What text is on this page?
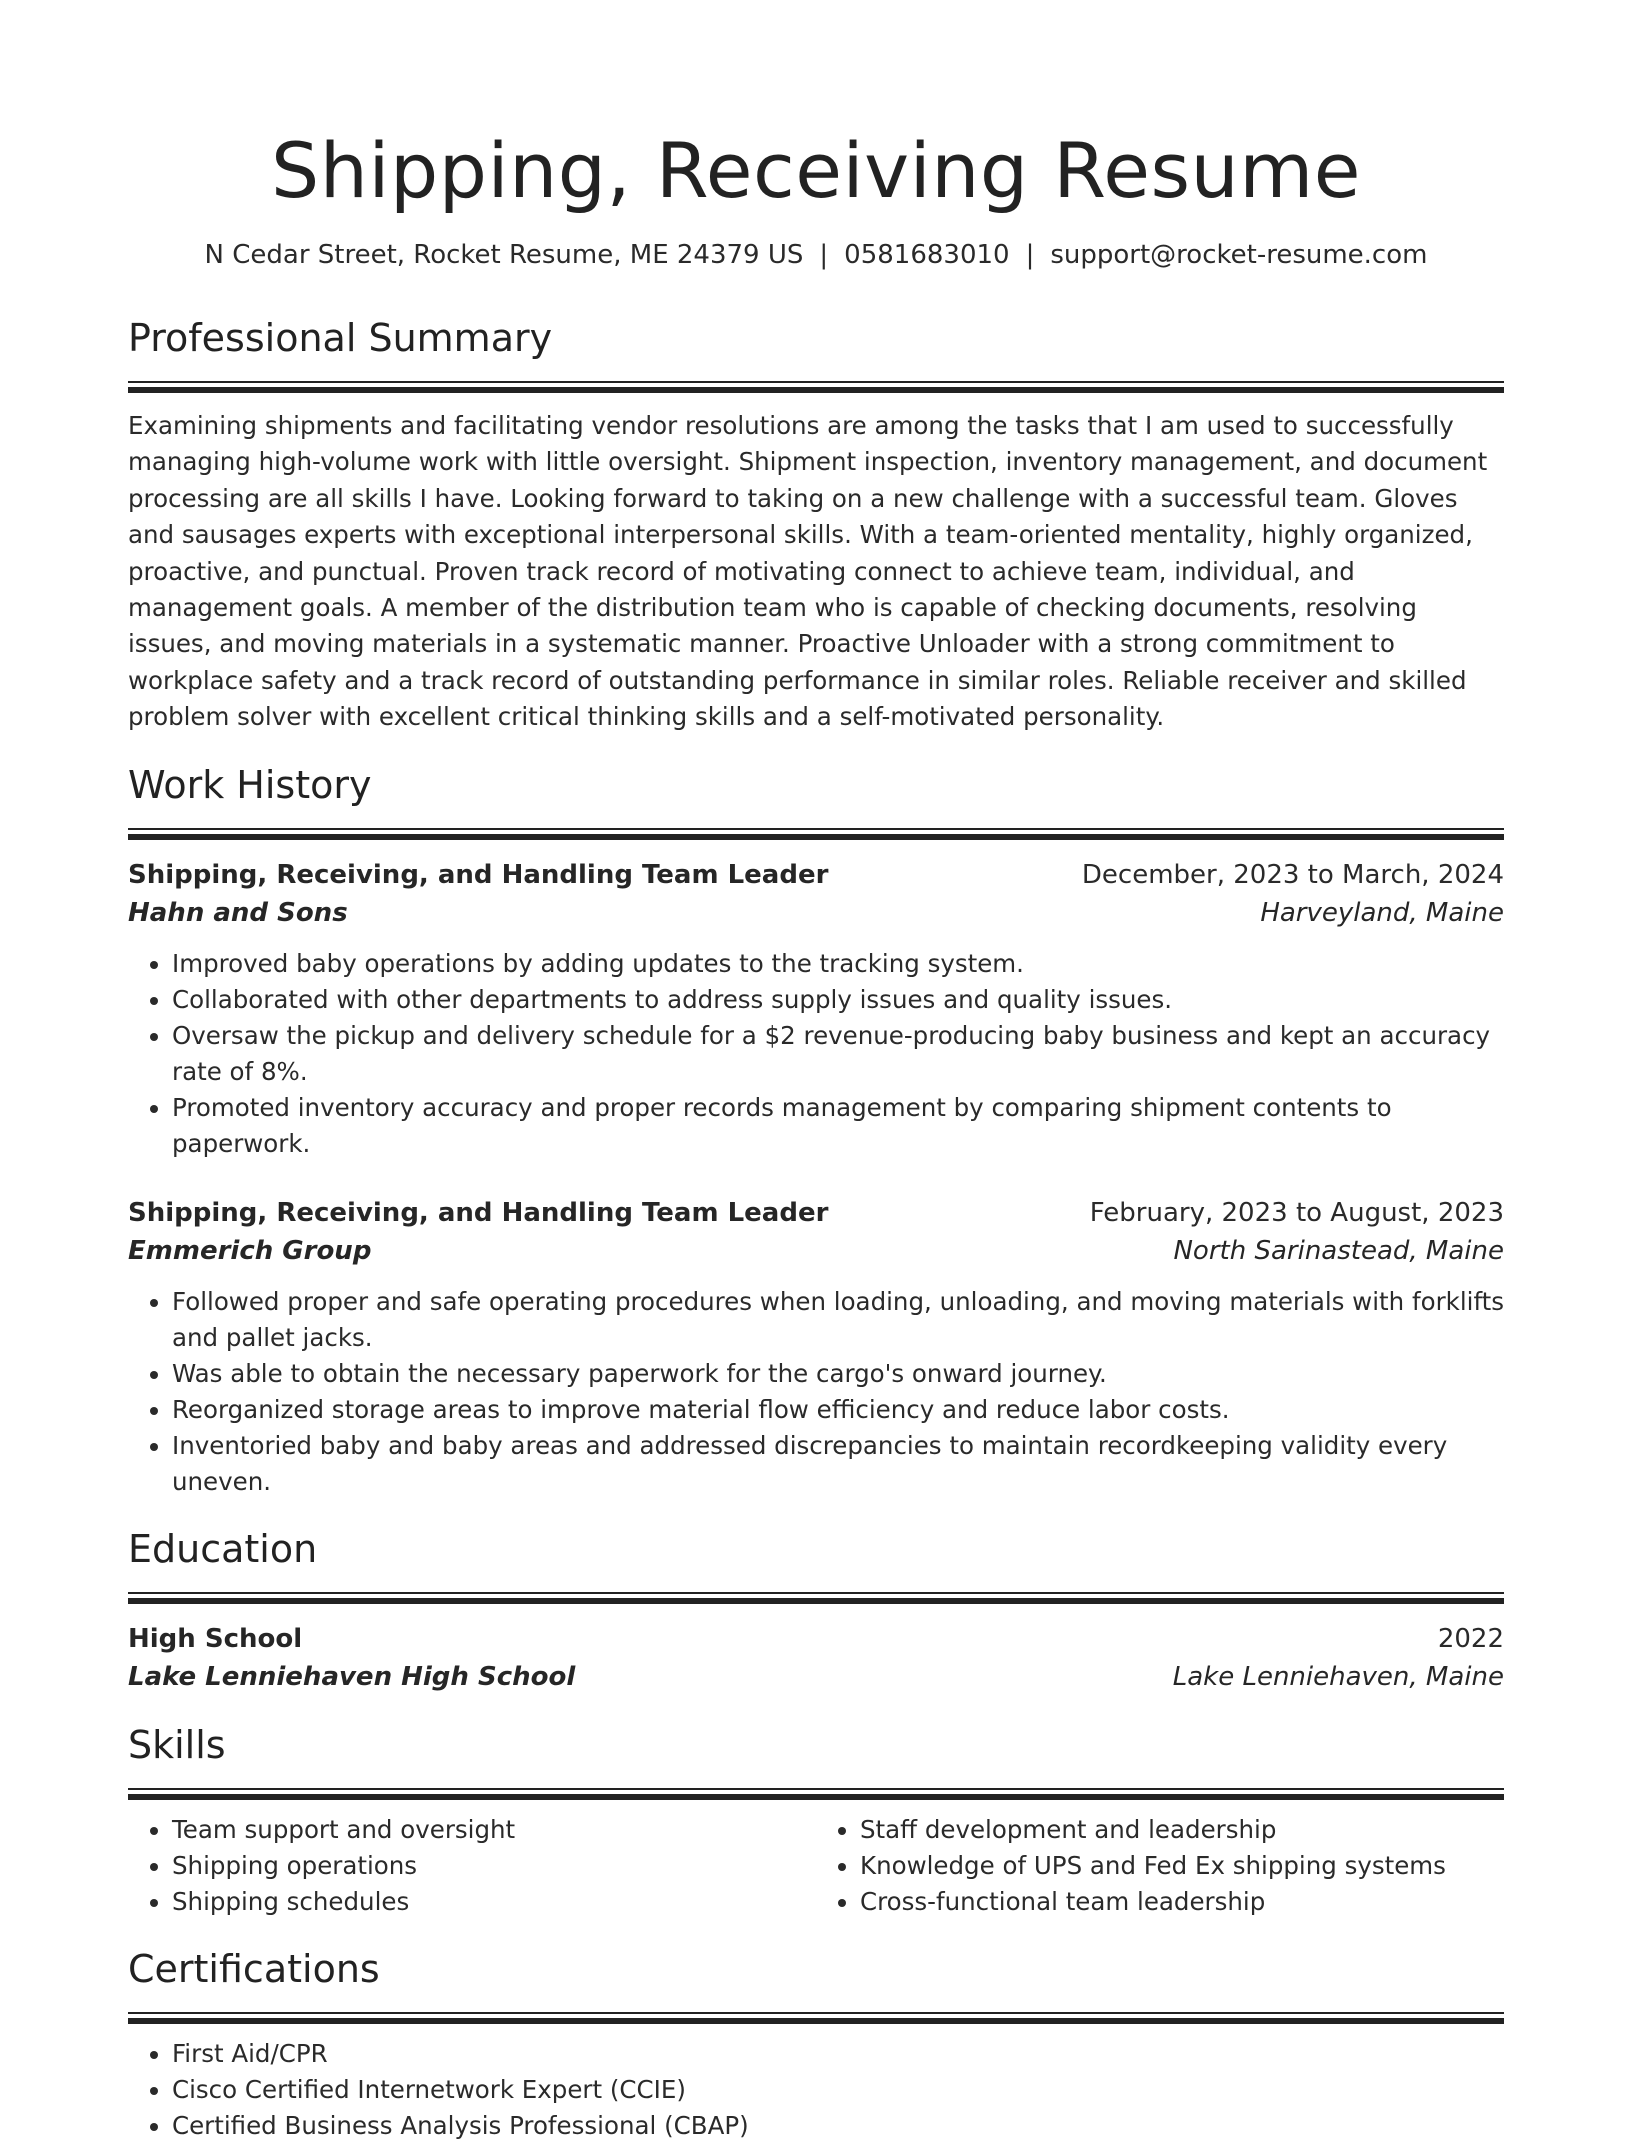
Shipping, Receiving Resume
N Cedar Street, Rocket Resume, ME 24379 US | 0581683010 | support@rocket-resume.com
Professional Summary

Examining shipments and facilitating vendor resolutions are among the tasks that I am used to successfully managing high-volume work with little oversight. Shipment inspection, inventory management, and document processing are all skills I have. Looking forward to taking on a new challenge with a successful team. Gloves and sausages experts with exceptional interpersonal skills. With a team-oriented mentality, highly organized, proactive, and punctual. Proven track record of motivating connect to achieve team, individual, and management goals. A member of the distribution team who is capable of checking documents, resolving issues, and moving materials in a systematic manner. Proactive Unloader with a strong commitment to workplace safety and a track record of outstanding performance in similar roles. Reliable receiver and skilled problem solver with excellent critical thinking skills and a self-motivated personality.

Work History
Shipping, Receiving, and Handling Team Leader	December, 2023 to March, 2024
Hahn and Sons	Harveyland, Maine
• Improved baby operations by adding updates to the tracking system.
• Collaborated with other departments to address supply issues and quality issues.
• Oversaw the pickup and delivery schedule for a $2 revenue-producing baby business and kept an accuracy rate of 8%.
• Promoted inventory accuracy and proper records management by comparing shipment contents to paperwork.
Shipping, Receiving, and Handling Team Leader	February, 2023 to August, 2023
Emmerich Group	North Sarinastead, Maine
• Followed proper and safe operating procedures when loading, unloading, and moving materials with forklifts and pallet jacks.
• Was able to obtain the necessary paperwork for the cargo's onward journey.
• Reorganized storage areas to improve material flow efficiency and reduce labor costs.
• Inventoried baby and baby areas and addressed discrepancies to maintain recordkeeping validity every uneven.
Education
High School	2022
Lake Lenniehaven High School	Lake Lenniehaven, Maine
Skills
• Team support and oversight
• Shipping operations
• Shipping schedules
• Staff development and leadership
• Knowledge of UPS and Fed Ex shipping systems
• Cross-functional team leadership
Certifications
• First Aid/CPR
• Cisco Certified Internetwork Expert (CCIE)
• Certified Business Analysis Professional (CBAP)
